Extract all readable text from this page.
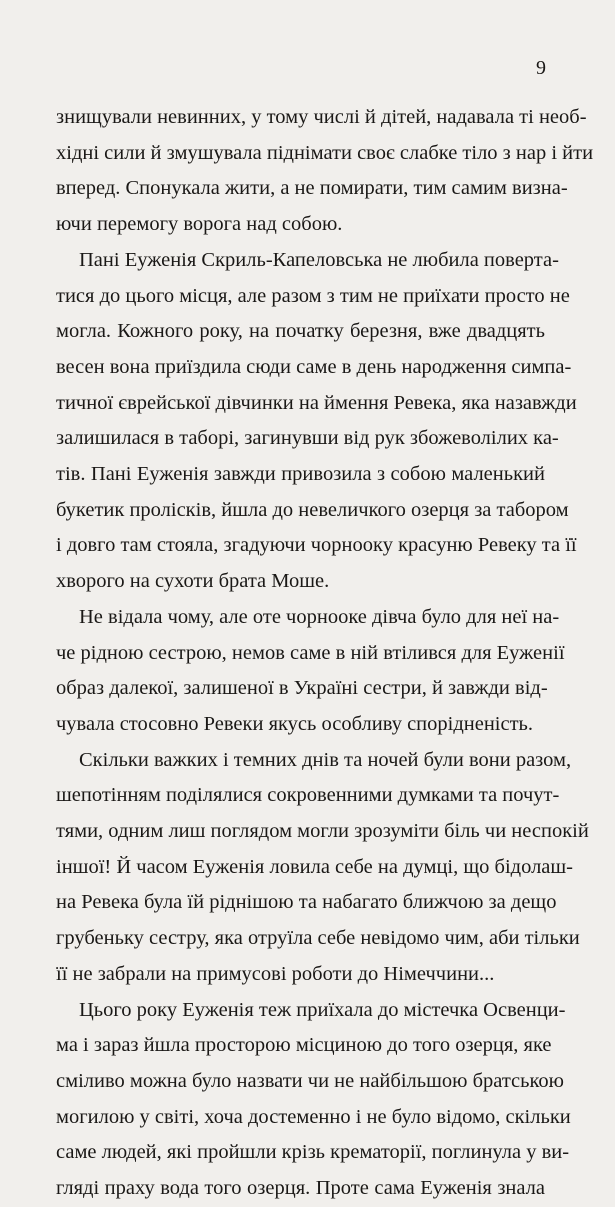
9
знищували невинних, у тому числі й дітей, надавала ті необ-
хідні сили й змушувала піднімати своє слабке тіло з нар і йти
вперед. Спонукала жити, а не помирати, тим самим визна-
ючи перемогу ворога над собою.
Пані Еуженія Скриль-Капеловська не любила поверта-
тися до цього місця, але разом з тим не приїхати просто не
могла. Кожного року, на початку березня, вже двадцять
весен вона приїздила сюди саме в день народження симпа-
тичної єврейської дівчинки на ймення Ревека, яка назавжди
залишилася в таборі, загинувши від рук збожеволілих ка-
тів. Пані Еуженія завжди привозила з собою маленький
букетик пролісків, йшла до невеличкого озерця за табором
і довго там стояла, згадуючи чорнооку красуню Ревеку та її
хворого на сухоти брата Моше.
Не відала чому, але оте чорнооке дівча було для неї на-
че рідною сестрою, немов саме в ній втілився для Еуженії
образ далекої, залишеної в Україні сестри, й завжди від-
чувала стосовно Ревеки якусь особливу спорідненість.
Скільки важких і темних днів та ночей були вони разом,
шепотінням поділялися сокровенними думками та почут-
тями, одним лиш поглядом могли зрозуміти біль чи неспокій
іншої! Й часом Еуженія ловила себе на думці, що бідолаш-
на Ревека була їй ріднішою та набагато ближчою за дещо
грубеньку сестру, яка отруїла себе невідомо чим, аби тільки
її не забрали на примусові роботи до Німеччини...
Цього року Еуженія теж приїхала до містечка Освенци-
ма і зараз йшла просторою місциною до того озерця, яке
сміливо можна було назвати чи не найбільшою братською
могилою у світі, хоча достеменно і не було відомо, скільки
саме людей, які пройшли крізь крематорії, поглинула у ви-
гляді праху вода того озерця. Проте сама Еуженія знала
